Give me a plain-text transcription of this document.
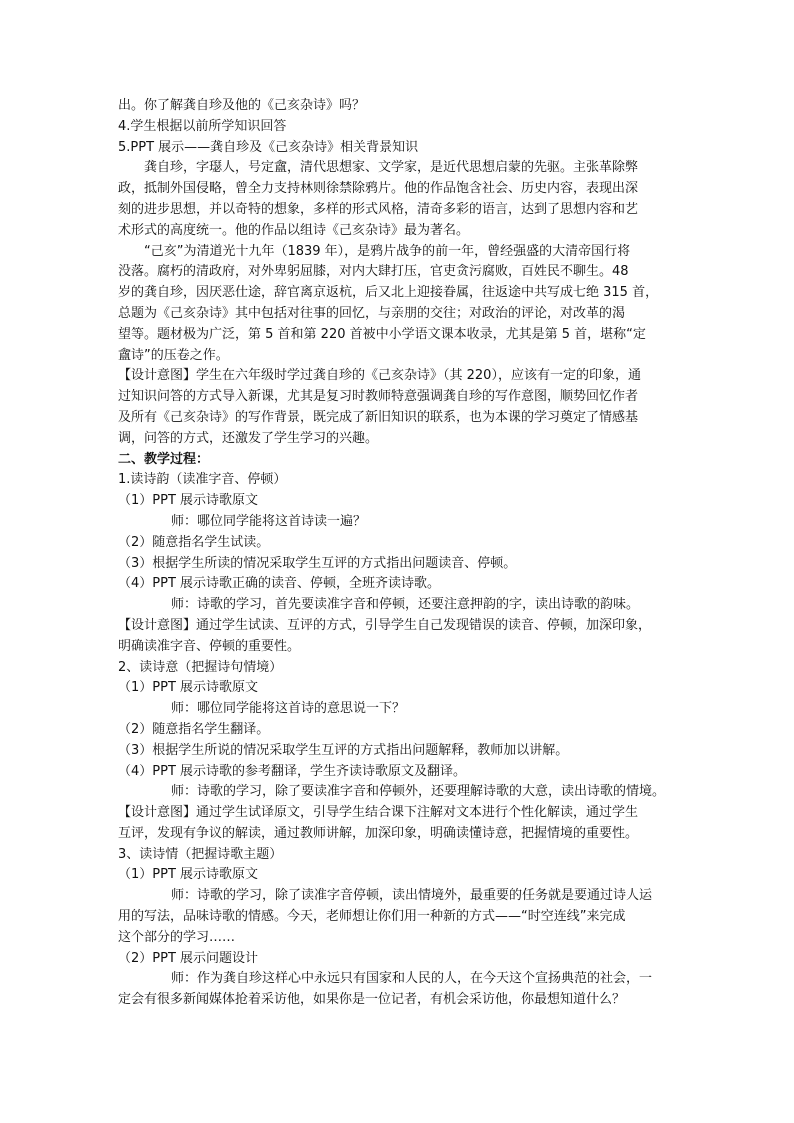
出。你了解龚自珍及他的《己亥杂诗》吗？
4.学生根据以前所学知识回答
5.PPT 展示——龚自珍及《己亥杂诗》相关背景知识
龚自珍，字璱人，号定盦，清代思想家、文学家，是近代思想启蒙的先驱。主张革除弊
政，抵制外国侵略，曾全力支持林则徐禁除鸦片。他的作品饱含社会、历史内容，表现出深
刻的进步思想，并以奇特的想象，多样的形式风格，清奇多彩的语言，达到了思想内容和艺
术形式的高度统一。他的作品以组诗《己亥杂诗》最为著名。
“己亥”为清道光十九年（1839 年），是鸦片战争的前一年，曾经强盛的大清帝国行将
没落。腐朽的清政府，对外卑躬屈膝，对内大肆打压，官吏贪污腐败，百姓民不聊生。48
岁的龚自珍，因厌恶仕途，辞官离京返杭，后又北上迎接眷属，往返途中共写成七绝 315 首，
总题为《己亥杂诗》其中包括对往事的回忆，与亲朋的交往；对政治的评论，对改革的渴
望等。题材极为广泛，第 5 首和第 220 首被中小学语文课本收录，尤其是第 5 首，堪称“定
盦诗”的压卷之作。
【设计意图】学生在六年级时学过龚自珍的《己亥杂诗》（其 220），应该有一定的印象，通
过知识问答的方式导入新课，尤其是复习时教师特意强调龚自珍的写作意图，顺势回忆作者
及所有《己亥杂诗》的写作背景，既完成了新旧知识的联系，也为本课的学习奠定了情感基
调，问答的方式，还激发了学生学习的兴趣。
二、教学过程：
1.读诗韵（读准字音、停顿）
（1）PPT 展示诗歌原文
师：哪位同学能将这首诗读一遍？
（2）随意指名学生试读。
（3）根据学生所读的情况采取学生互评的方式指出问题读音、停顿。
（4）PPT 展示诗歌正确的读音、停顿，全班齐读诗歌。
师：诗歌的学习，首先要读准字音和停顿，还要注意押韵的字，读出诗歌的韵味。
【设计意图】通过学生试读、互评的方式，引导学生自己发现错误的读音、停顿，加深印象，
明确读准字音、停顿的重要性。
2、读诗意（把握诗句情境）
（1）PPT 展示诗歌原文
师：哪位同学能将这首诗的意思说一下？
（2）随意指名学生翻译。
（3）根据学生所说的情况采取学生互评的方式指出问题解释，教师加以讲解。
（4）PPT 展示诗歌的参考翻译，学生齐读诗歌原文及翻译。
师：诗歌的学习，除了要读准字音和停顿外，还要理解诗歌的大意，读出诗歌的情境。
【设计意图】通过学生试译原文，引导学生结合课下注解对文本进行个性化解读，通过学生
互评，发现有争议的解读，通过教师讲解，加深印象，明确读懂诗意，把握情境的重要性。
3、读诗情（把握诗歌主题）
（1）PPT 展示诗歌原文
师：诗歌的学习，除了读准字音停顿，读出情境外，最重要的任务就是要通过诗人运
用的写法，品味诗歌的情感。今天，老师想让你们用一种新的方式——“时空连线”来完成
这个部分的学习……
（2）PPT 展示问题设计
师：作为龚自珍这样心中永远只有国家和人民的人，在今天这个宣扬典范的社会，一
定会有很多新闻媒体抢着采访他，如果你是一位记者，有机会采访他，你最想知道什么？
